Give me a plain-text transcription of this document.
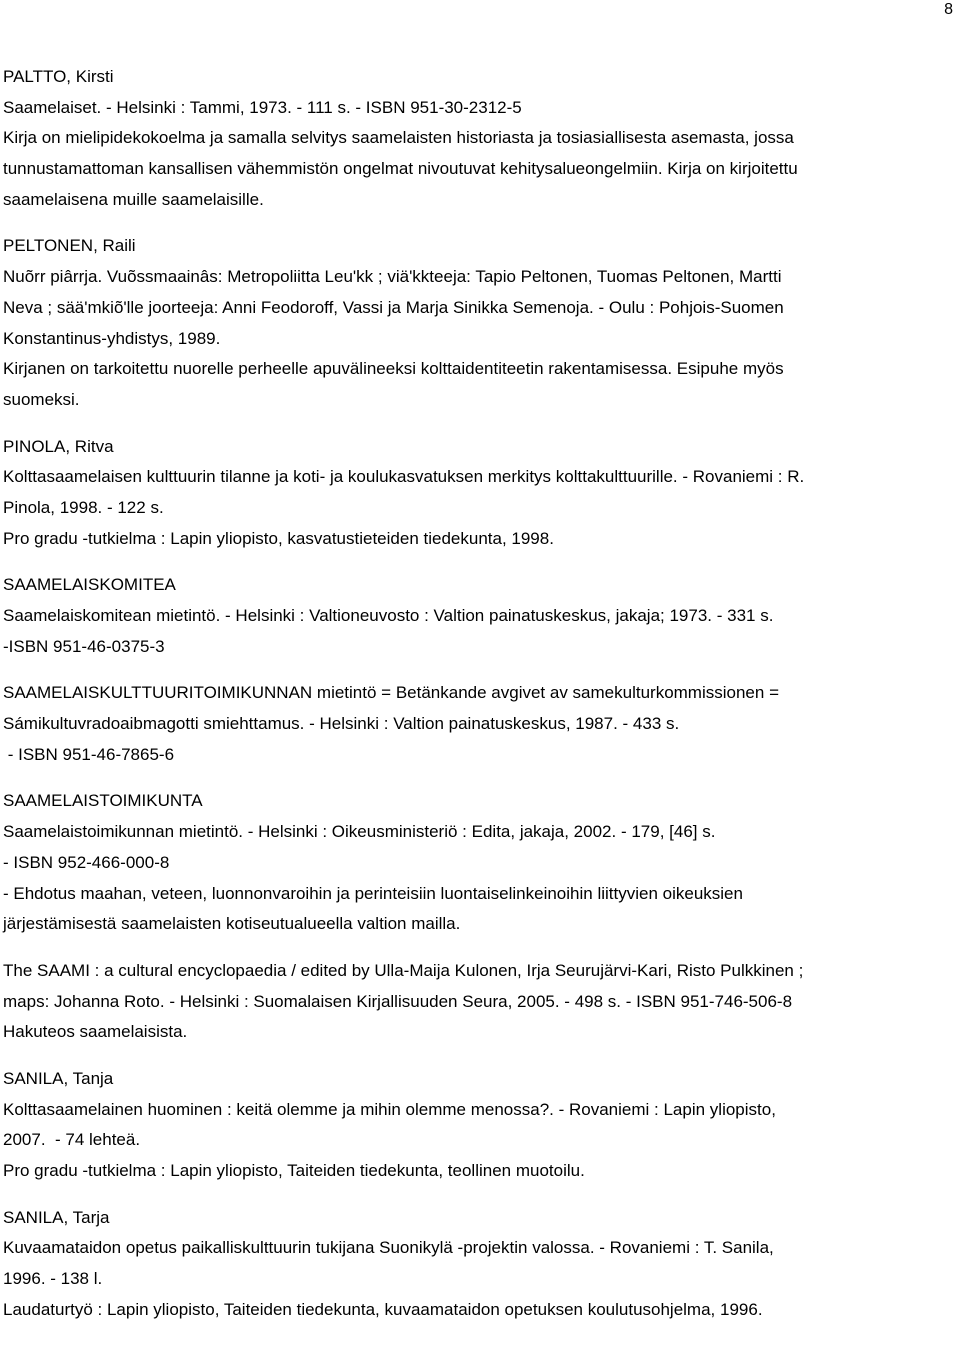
8
PALTTO, Kirsti
Saamelaiset. - Helsinki : Tammi, 1973. - 111 s. - ISBN 951-30-2312-5
Kirja on mielipidekokoelma ja samalla selvitys saamelaisten historiasta ja tosiasiallisesta asemasta, jossa
tunnustamattoman kansallisen vähemmistön ongelmat nivoutuvat kehitysalueongelmiin. Kirja on kirjoitettu
saamelaisena muille saamelaisille.
PELTONEN, Raili
Nuõrr piârrja. Vuõssmaainâs: Metropoliitta Leu'kk ; viä'kkteeja: Tapio Peltonen, Tuomas Peltonen, Martti
Neva ; sää'mkiõ'lle joorteeja: Anni Feodoroff, Vassi ja Marja Sinikka Semenoja. - Oulu : Pohjois-Suomen
Konstantinus-yhdistys, 1989.
Kirjanen on tarkoitettu nuorelle perheelle apuvälineeksi kolttaidentiteetin rakentamisessa. Esipuhe myös
suomeksi.
PINOLA, Ritva
Kolttasaamelaisen kulttuurin tilanne ja koti- ja koulukasvatuksen merkitys kolttakulttuurille. - Rovaniemi : R.
Pinola, 1998. - 122 s.
Pro gradu -tutkielma : Lapin yliopisto, kasvatustieteiden tiedekunta, 1998.
SAAMELAISKOMITEA
Saamelaiskomitean mietintö. - Helsinki : Valtioneuvosto : Valtion painatuskeskus, jakaja; 1973. - 331 s.
-ISBN 951-46-0375-3
SAAMELAISKULTTUURITOIMIKUNNAN mietintö = Betänkande avgivet av samekulturkommissionen =
Sámikultuvradoaibmagotti smiehttamus. - Helsinki : Valtion painatuskeskus, 1987. - 433 s.
- ISBN 951-46-7865-6
SAAMELAISTOIMIKUNTA
Saamelaistoimikunnan mietintö. - Helsinki : Oikeusministeriö : Edita, jakaja, 2002. - 179, [46] s.
- ISBN 952-466-000-8
- Ehdotus maahan, veteen, luonnonvaroihin ja perinteisiin luontaiselinkeinoihin liittyvien oikeuksien
järjestämisestä saamelaisten kotiseutualueella valtion mailla.
The SAAMI : a cultural encyclopaedia / edited by Ulla-Maija Kulonen, Irja Seurujärvi-Kari, Risto Pulkkinen ;
maps: Johanna Roto. - Helsinki : Suomalaisen Kirjallisuuden Seura, 2005. - 498 s. - ISBN 951-746-506-8
Hakuteos saamelaisista.
SANILA, Tanja
Kolttasaamelainen huominen : keitä olemme ja mihin olemme menossa?. - Rovaniemi : Lapin yliopisto,
2007.  - 74 lehteä.
Pro gradu -tutkielma : Lapin yliopisto, Taiteiden tiedekunta, teollinen muotoilu.
SANILA, Tarja
Kuvaamataidon opetus paikalliskulttuurin tukijana Suonikylä -projektin valossa. - Rovaniemi : T. Sanila,
1996. - 138 l.
Laudaturtyö : Lapin yliopisto, Taiteiden tiedekunta, kuvaamataidon opetuksen koulutusohjelma, 1996.
